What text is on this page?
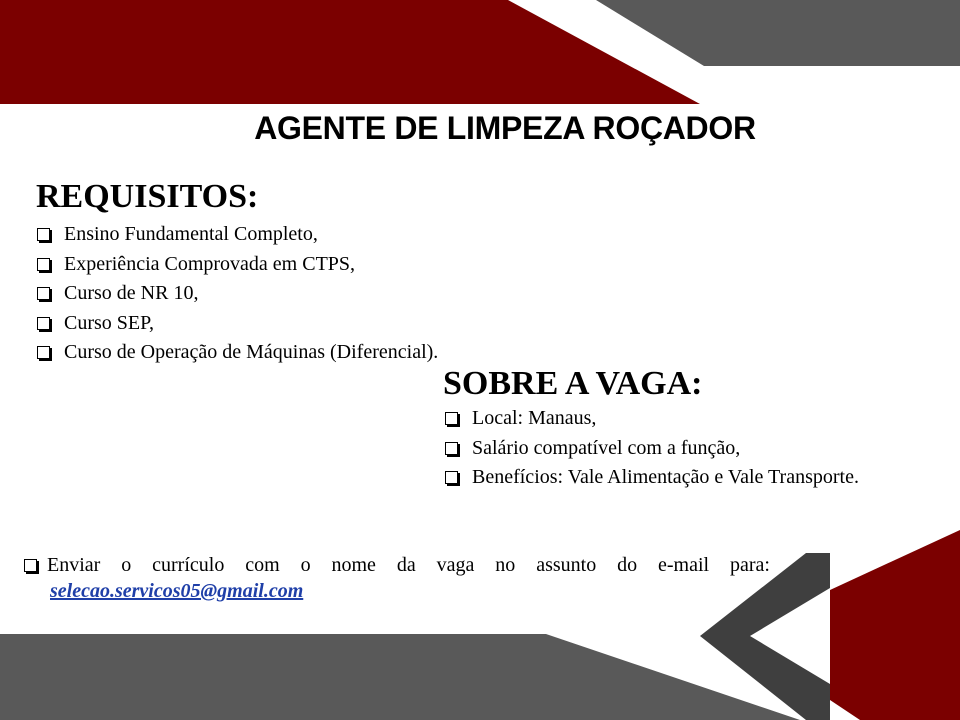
AGENTE DE LIMPEZA ROÇADOR
REQUISITOS:
Ensino Fundamental Completo,
Experiência Comprovada em CTPS,
Curso de NR 10,
Curso SEP,
Curso de Operação de Máquinas (Diferencial).
SOBRE A VAGA:
Local: Manaus,
Salário compatível com a função,
Benefícios: Vale Alimentação e Vale Transporte.
Enviar o currículo com o nome da vaga no assunto do e-mail para:
selecao.servicos05@gmail.com
